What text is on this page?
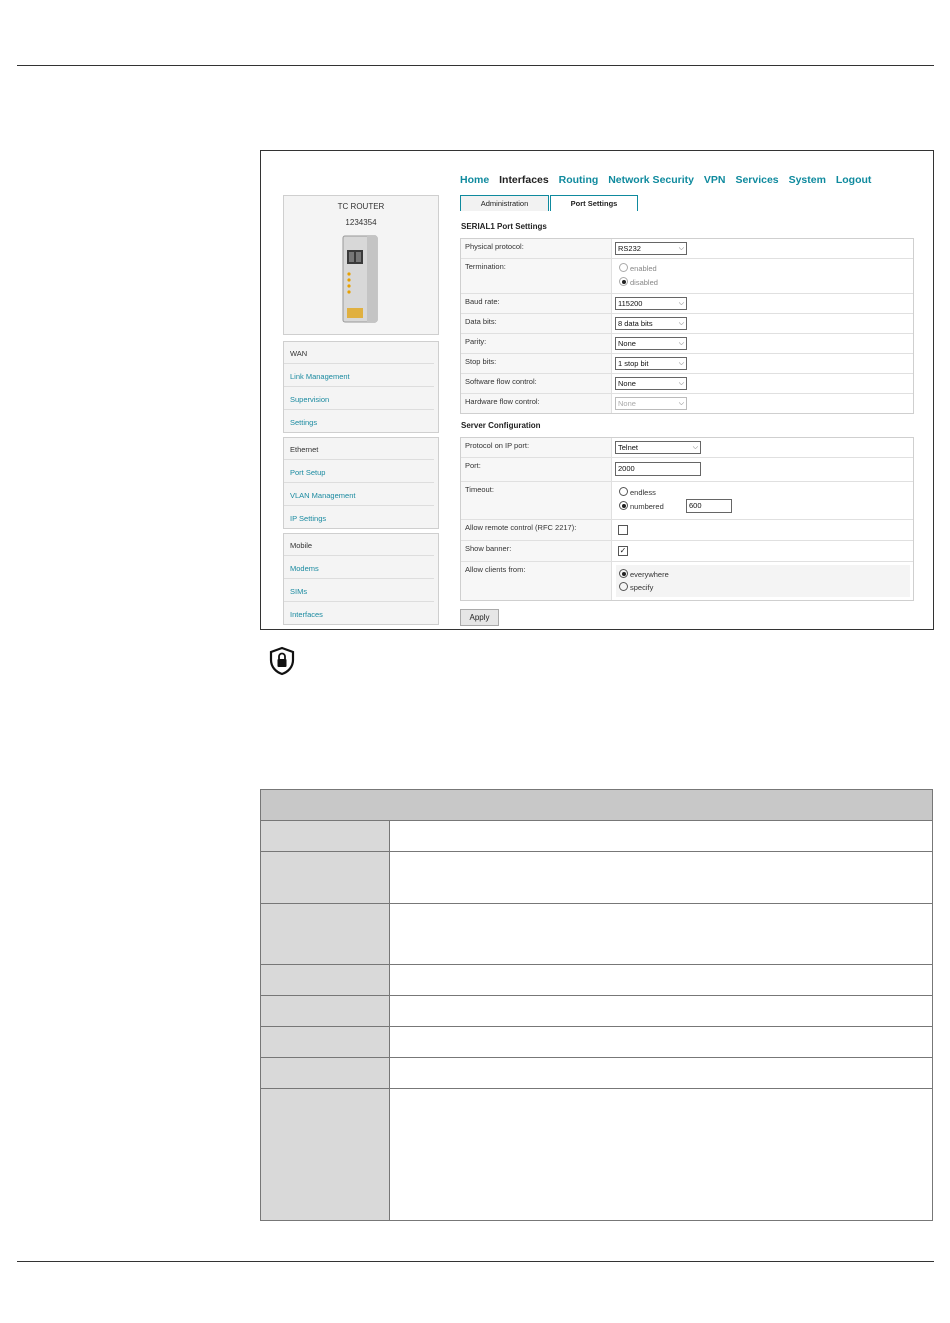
TC ROUTER
1234354
WAN
Link Management
Supervision
Settings
Ethernet
Port Setup
VLAN Management
IP Settings
Mobile
Modems
SIMs
Interfaces
Home Interfaces Routing Network Security VPN Services System Logout
Administration	Port Settings
SERIAL1 Port Settings
Physical protocol:	RS232	⌵
Termination:	enabled
disabled
Baud rate:	115200	⌵
Data bits:	8 data bits	⌵
Parity:	None	⌵
Stop bits:	1 stop bit	⌵
Software flow control:	None	⌵
Hardware flow control:	None	⌵
Server Configuration
Protocol on IP port:	Telnet	⌵
Port:	2000
Timeout:	endless
numbered	600
Allow remote control (RFC 2217):
Show banner:	✓
Allow clients from:
everywhere
specify
Apply
